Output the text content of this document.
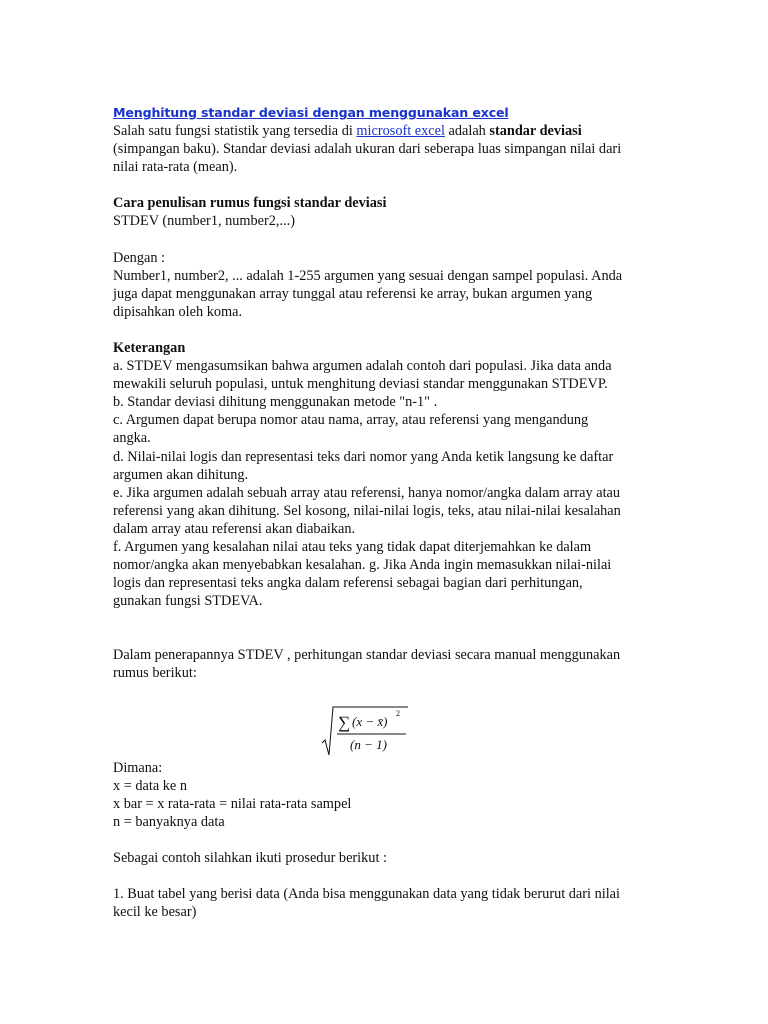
Menghitung standar deviasi dengan menggunakan excel

Salah satu fungsi statistik yang tersedia di microsoft excel adalah standar deviasi

(simpangan baku). Standar deviasi adalah ukuran dari seberapa luas simpangan nilai dari

nilai rata-rata (mean).

Cara penulisan rumus fungsi standar deviasi

STDEV (number1, number2,...)

Dengan :

Number1, number2, ... adalah 1-255 argumen yang sesuai dengan sampel populasi. Anda

juga dapat menggunakan array tunggal atau referensi ke array, bukan argumen yang

dipisahkan oleh koma.

Keterangan

a. STDEV mengasumsikan bahwa argumen adalah contoh dari populasi. Jika data anda

mewakili seluruh populasi, untuk menghitung deviasi standar menggunakan STDEVP.

b. Standar deviasi dihitung menggunakan metode "n-1" .

c. Argumen dapat berupa nomor atau nama, array, atau referensi yang mengandung

angka.

d. Nilai-nilai logis dan representasi teks dari nomor yang Anda ketik langsung ke daftar

argumen akan dihitung.

e. Jika argumen adalah sebuah array atau referensi, hanya nomor/angka dalam array atau

referensi yang akan dihitung. Sel kosong, nilai-nilai logis, teks, atau nilai-nilai kesalahan

dalam array atau referensi akan diabaikan.

f. Argumen yang kesalahan nilai atau teks yang tidak dapat diterjemahkan ke dalam

nomor/angka akan menyebabkan kesalahan. g. Jika Anda ingin memasukkan nilai-nilai

logis dan representasi teks angka dalam referensi sebagai bagian dari perhitungan,

gunakan fungsi STDEVA.

Dalam penerapannya STDEV , perhitungan standar deviasi secara manual menggunakan

rumus berikut:

∑ (x − x̄)
2
(n − 1)

Dimana:

x = data ke n

x bar = x rata-rata = nilai rata-rata sampel

n = banyaknya data

Sebagai contoh silahkan ikuti prosedur berikut :

1. Buat tabel yang berisi data (Anda bisa menggunakan data yang tidak berurut dari nilai

kecil ke besar)
